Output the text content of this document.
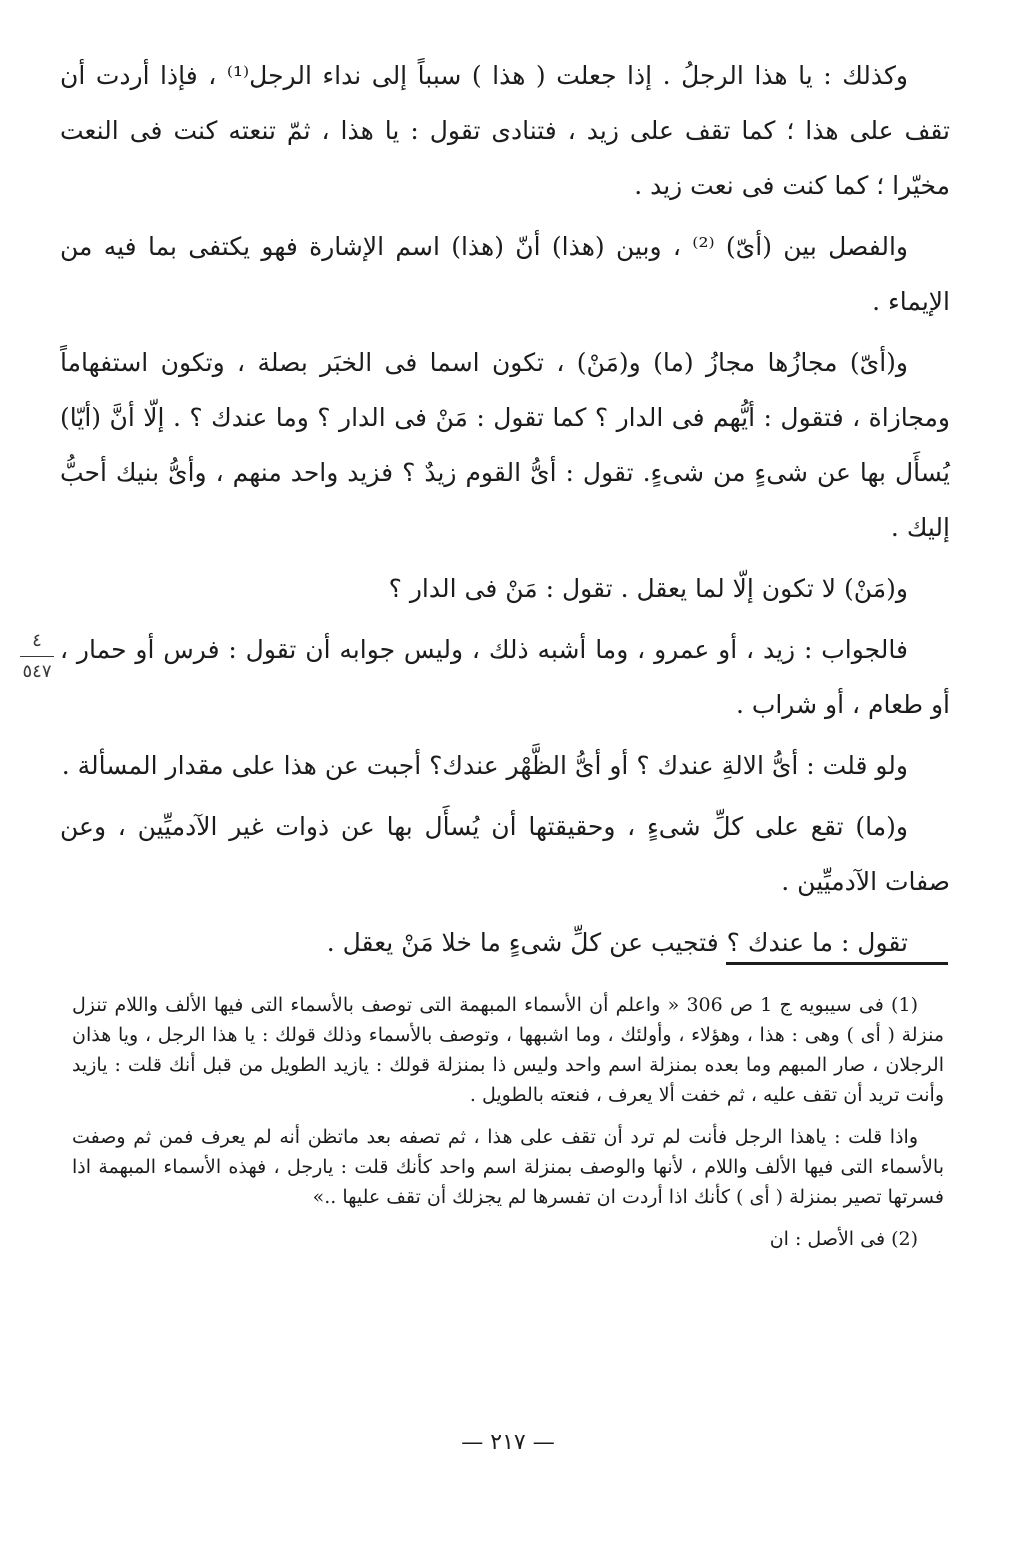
وكذلك : يا هذا الرجلُ . إذا جعلت ( هذا ) سبباً إلى نداء الرجل⁽¹⁾ ، فإذا أردت أن تقف على هذا ؛ كما تقف على زيد ، فتنادى تقول : يا هذا ، ثمّ تنعته كنت فى النعت مخيّرا ؛ كما كنت فى نعت زيد .

والفصل بين (أىّ) ⁽²⁾ ، وبين (هذا) أنّ (هذا) اسم الإشارة فهو يكتفى بما فيه من الإيماء .

و(أىّ) مجازُها مجازُ (ما) و(مَنْ) ، تكون اسما فى الخبَر بصلة ، وتكون استفهاماً ومجازاة ، فتقول : أيُّهم فى الدار ؟ كما تقول : مَنْ فى الدار ؟ وما عندك ؟ . إلّا أنَّ (أيّا) يُسأَل بها عن شىءٍ من شىءٍ. تقول : أىُّ القوم زيدٌ ؟ فزيد واحد منهم ، وأىُّ بنيك أحبُّ إليك .

و(مَنْ) لا تكون إلّا لما يعقل . تقول : مَنْ فى الدار ؟

فالجواب : زيد ، أو عمرو ، وما أشبه ذلك ، وليس جوابه أن تقول : فرس أو حمار ، أو طعام ، أو شراب .

ولو قلت : أىُّ الالةِ عندك ؟ أو أىُّ الظَّهْر عندك؟ أجبت عن هذا على مقدار المسألة .

و(ما) تقع على كلِّ شىءٍ ، وحقيقتها أن يُسأَل بها عن ذوات غير الآدميِّين ، وعن صفات الآدميِّين .

تقول : ما عندك ؟ فتجيب عن كلِّ شىءٍ ما خلا مَنْ يعقل .

(1) فى سيبويه ج 1 ص 306 « واعلم أن الأسماء المبهمة التى توصف بالأسماء التى فيها الألف واللام تنزل منزلة ( أى ) وهى : هذا ، وهؤلاء ، وأولئك ، وما اشبهها ، وتوصف بالأسماء وذلك قولك : يا هذا الرجل ، ويا هذان الرجلان ، صار المبهم وما بعده بمنزلة اسم واحد وليس ذا بمنزلة قولك : يازيد الطويل من قبل أنك قلت : يازيد وأنت تريد أن تقف عليه ، ثم خفت ألا يعرف ، فنعته بالطويل .

واذا قلت : ياهذا الرجل فأنت لم ترد أن تقف على هذا ، ثم تصفه بعد ماتظن أنه لم يعرف فمن ثم وصفت بالأسماء التى فيها الألف واللام ، لأنها والوصف بمنزلة اسم واحد كأنك قلت : يارجل ، فهذه الأسماء المبهمة اذا فسرتها تصير بمنزلة ( أى ) كأنك اذا أردت ان تفسرها لم يجزلك أن تقف عليها ..»

(2) فى الأصل : ان

٤
٥٤٧
— ٢١٧ —
